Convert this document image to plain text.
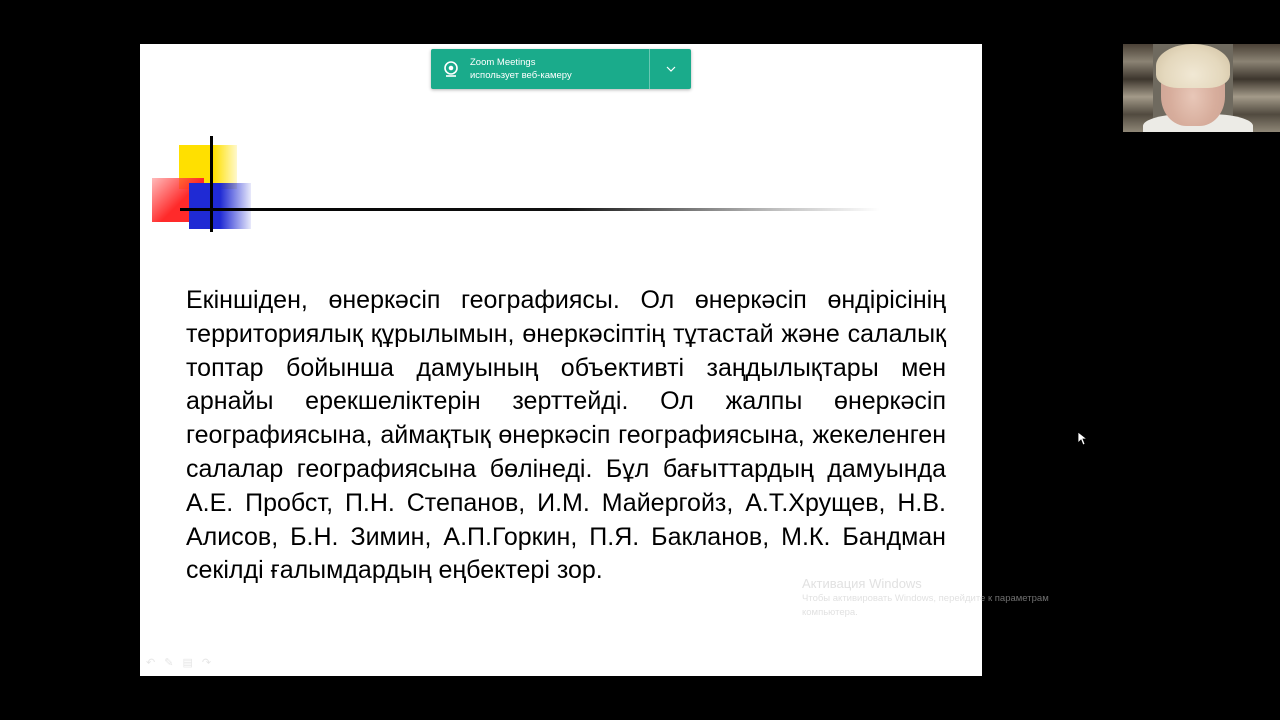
Екіншіден, өнеркәсіп географиясы. Ол өнеркәсіп өндірісінің территориялық құрылымын, өнеркәсіптің тұтастай және салалық топтар бойынша дамуының объективті заңдылықтары мен арнайы ерекшеліктерін зерттейді. Ол жалпы өнеркәсіп географиясына, аймақтық өнеркәсіп географиясына, жекеленген салалар географиясына бөлінеді. Бұл бағыттардың дамуында А.Е. Пробст, П.Н. Степанов, И.М. Майергойз, А.Т.Хрущев, Н.В. Алисов, Б.Н. Зимин, А.П.Горкин, П.Я. Бакланов, М.К. Бандман секілді ғалымдардың еңбектері зор.

↶ ✎ ▤ ↷
Zoom Meetings
использует веб-камеру
Активация Windows
Чтобы активировать Windows, перейдите к параметрам компьютера.
